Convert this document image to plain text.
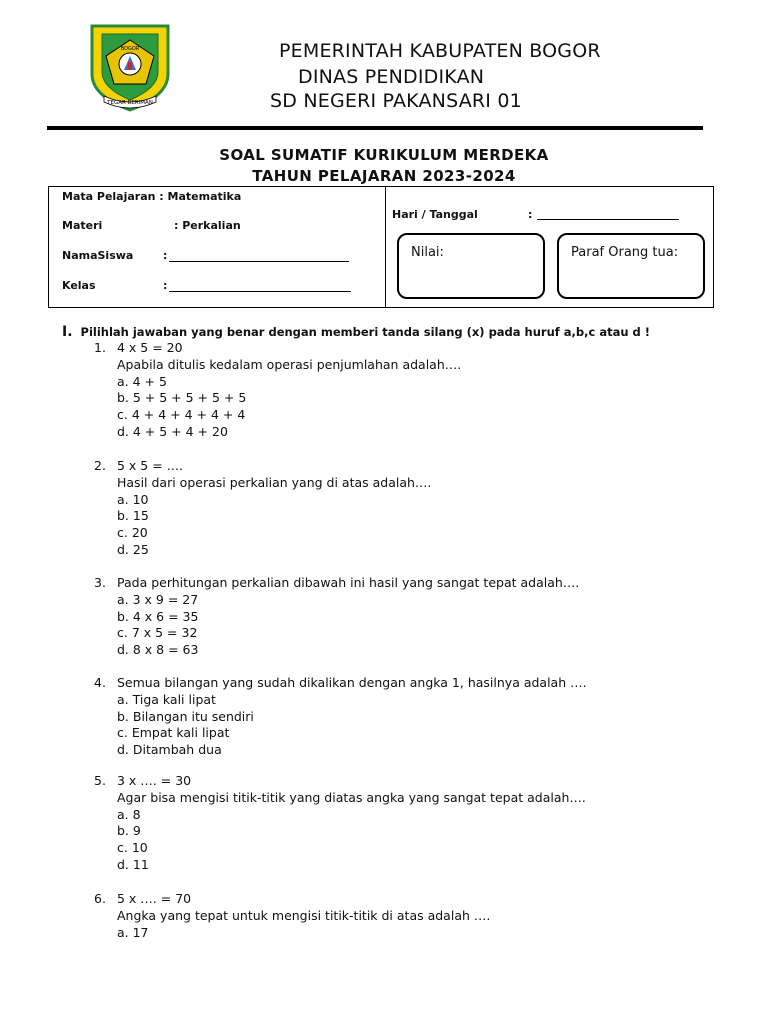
BOGOR
TEGAR BERIMAN
PEMERINTAH KABUPATEN BOGOR
DINAS PENDIDIKAN
SD NEGERI PAKANSARI 01
SOAL SUMATIF KURIKULUM MERDEKA
TAHUN PELAJARAN 2023-2024
Mata Pelajaran : Matematika
Materi	: Perkalian
NamaSiswa	:
Kelas	:
Hari / Tanggal	:
Nilai:	Paraf Orang tua:
I. Pilihlah jawaban yang benar dengan memberi tanda silang (x) pada huruf a,b,c atau d !
1. 4 x 5 = 20
Apabila ditulis kedalam operasi penjumlahan adalah….
a. 4 + 5
b. 5 + 5 + 5 + 5 + 5
c. 4 + 4 + 4 + 4 + 4
d. 4 + 5 + 4 + 20
2. 5 x 5 = ….
Hasil dari operasi perkalian yang di atas adalah….
a. 10
b. 15
c. 20
d. 25
3. Pada perhitungan perkalian dibawah ini hasil yang sangat tepat adalah….
a. 3 x 9 = 27
b. 4 x 6 = 35
c. 7 x 5 = 32
d. 8 x 8 = 63
4. Semua bilangan yang sudah dikalikan dengan angka 1, hasilnya adalah ….
a. Tiga kali lipat
b. Bilangan itu sendiri
c. Empat kali lipat
d. Ditambah dua
5. 3 x …. = 30
Agar bisa mengisi titik-titik yang diatas angka yang sangat tepat adalah….
a. 8
b. 9
c. 10
d. 11
6. 5 x …. = 70
Angka yang tepat untuk mengisi titik-titik di atas adalah ….
a. 17
